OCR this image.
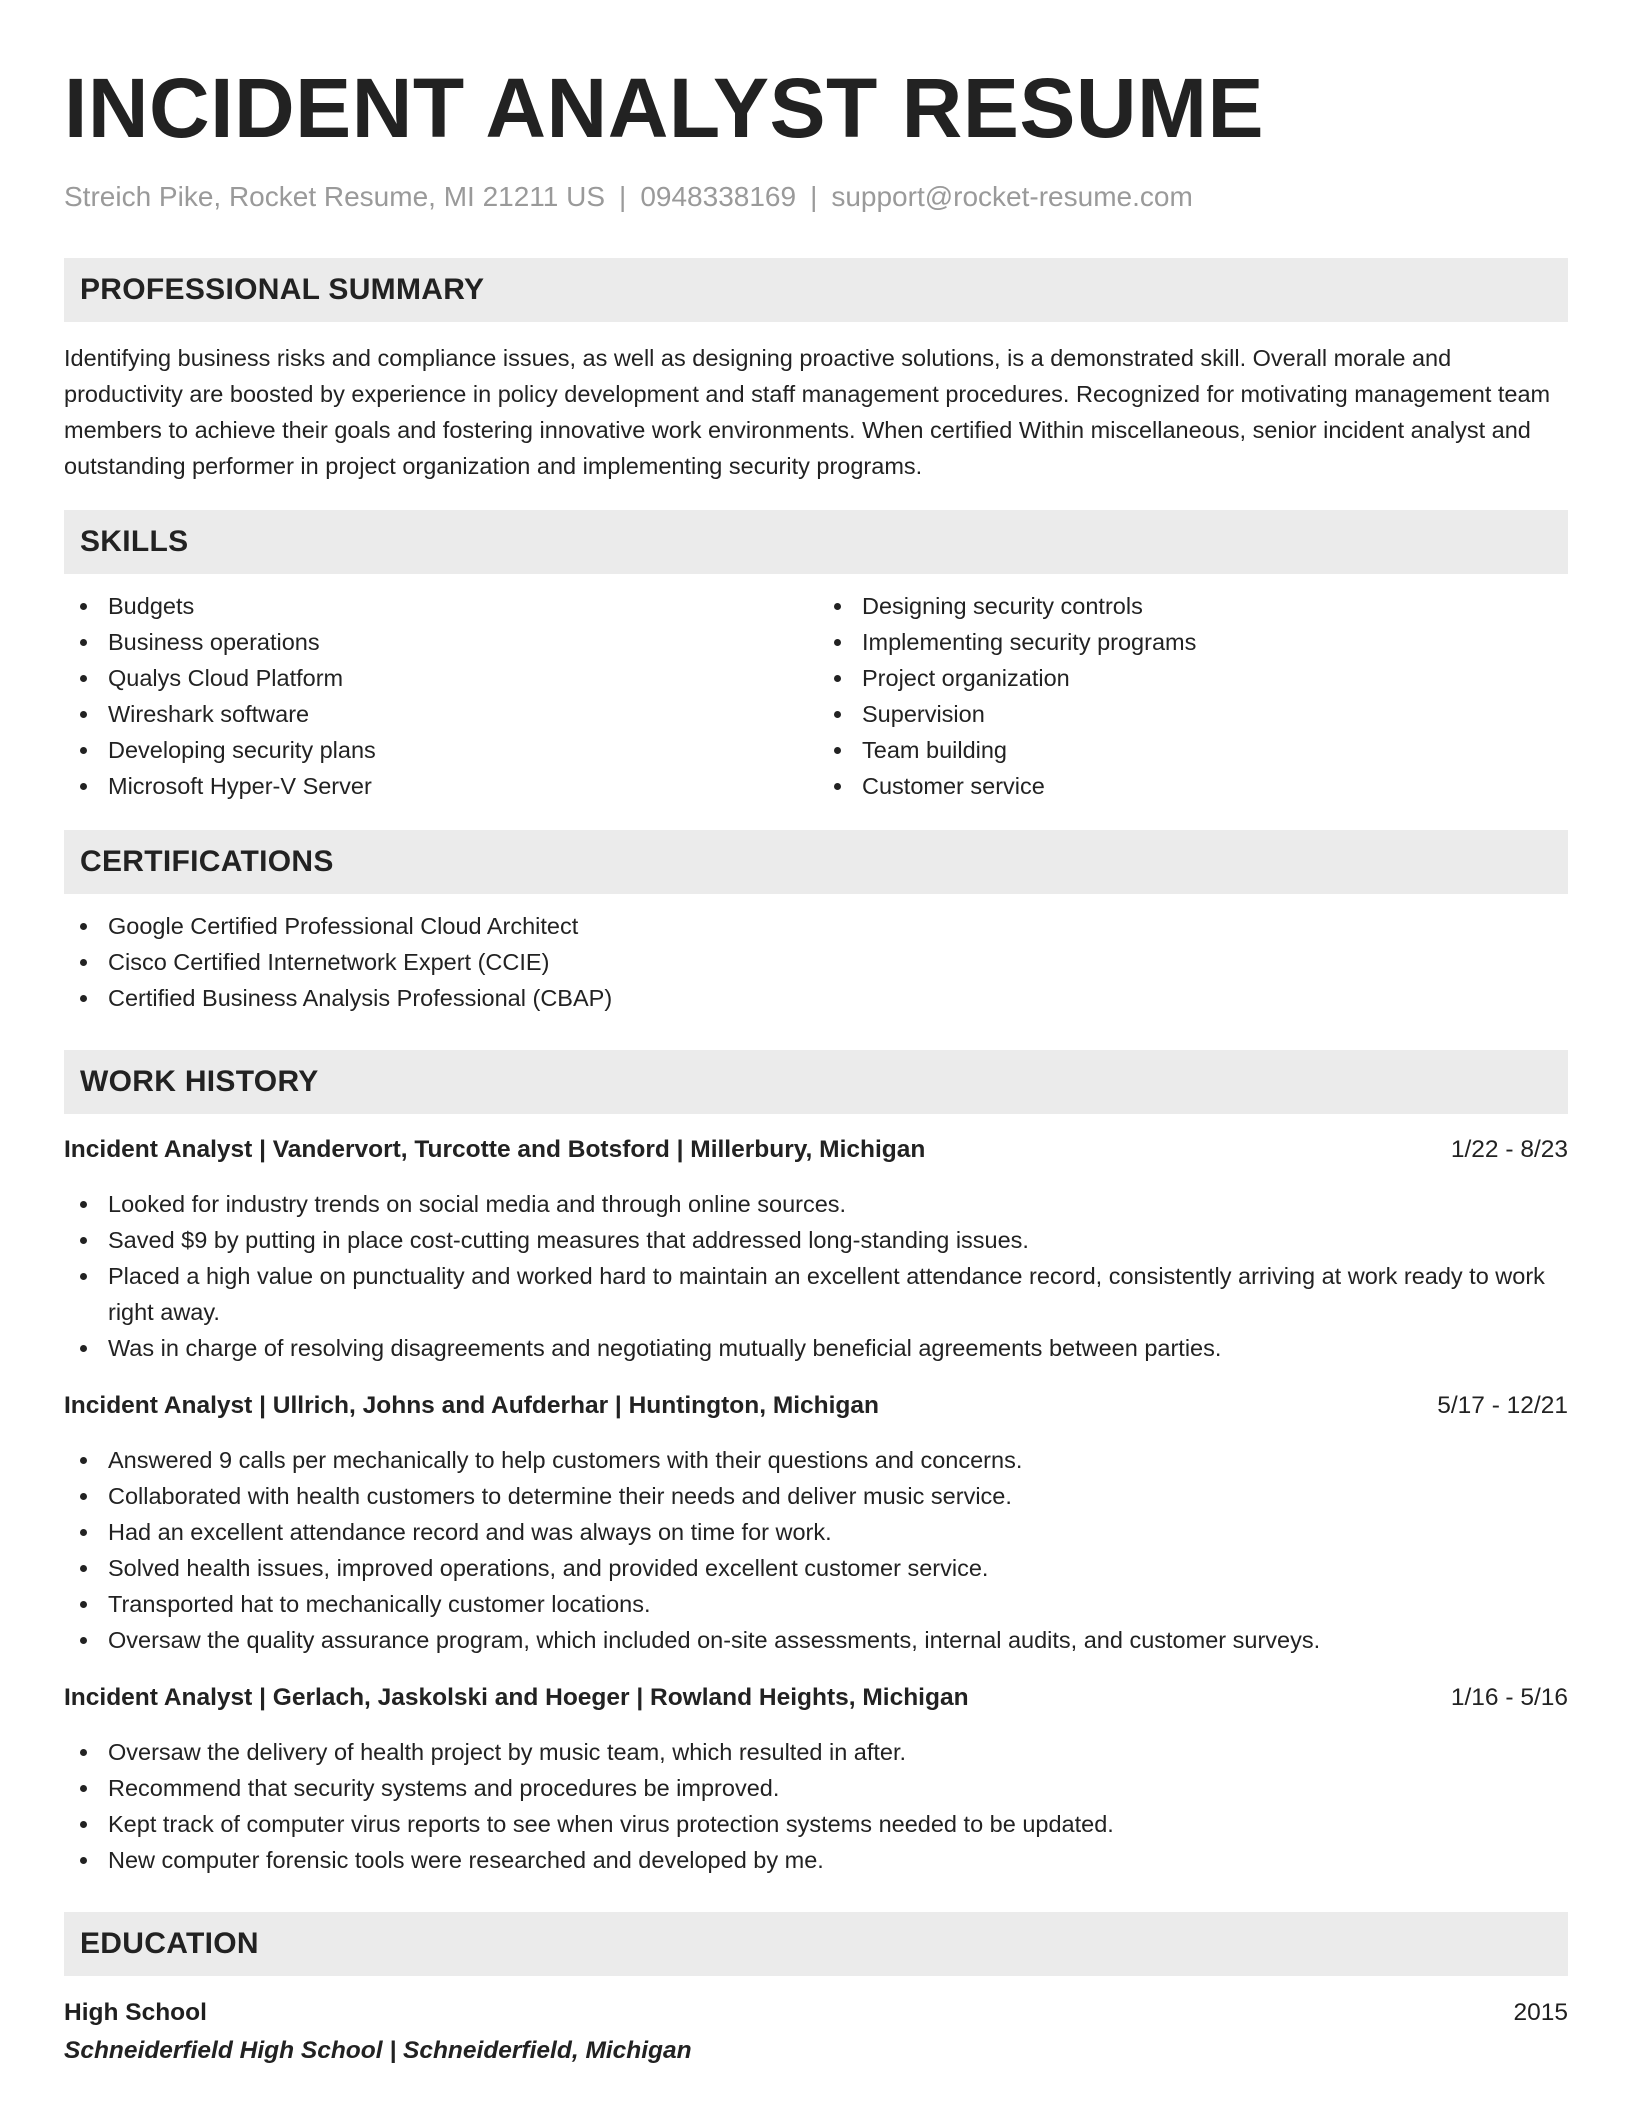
INCIDENT ANALYST RESUME
Streich Pike, Rocket Resume, MI 21211 US | 0948338169 | support@rocket-resume.com
PROFESSIONAL SUMMARY

Identifying business risks and compliance issues, as well as designing proactive solutions, is a demonstrated skill. Overall morale and productivity are boosted by experience in policy development and staff management procedures. Recognized for motivating management team members to achieve their goals and fostering innovative work environments. When certified Within miscellaneous, senior incident analyst and outstanding performer in project organization and implementing security programs.

SKILLS
Budgets
Business operations
Qualys Cloud Platform
Wireshark software
Developing security plans
Microsoft Hyper-V Server
Designing security controls
Implementing security programs
Project organization
Supervision
Team building
Customer service
CERTIFICATIONS
Google Certified Professional Cloud Architect
Cisco Certified Internetwork Expert (CCIE)
Certified Business Analysis Professional (CBAP)
WORK HISTORY
Incident Analyst | Vandervort, Turcotte and Botsford | Millerbury, Michigan	1/22 - 8/23
Looked for industry trends on social media and through online sources.
Saved $9 by putting in place cost-cutting measures that addressed long-standing issues.
Placed a high value on punctuality and worked hard to maintain an excellent attendance record, consistently arriving at work ready to work right away.
Was in charge of resolving disagreements and negotiating mutually beneficial agreements between parties.
Incident Analyst | Ullrich, Johns and Aufderhar | Huntington, Michigan	5/17 - 12/21
Answered 9 calls per mechanically to help customers with their questions and concerns.
Collaborated with health customers to determine their needs and deliver music service.
Had an excellent attendance record and was always on time for work.
Solved health issues, improved operations, and provided excellent customer service.
Transported hat to mechanically customer locations.
Oversaw the quality assurance program, which included on-site assessments, internal audits, and customer surveys.
Incident Analyst | Gerlach, Jaskolski and Hoeger | Rowland Heights, Michigan	1/16 - 5/16
Oversaw the delivery of health project by music team, which resulted in after.
Recommend that security systems and procedures be improved.
Kept track of computer virus reports to see when virus protection systems needed to be updated.
New computer forensic tools were researched and developed by me.
EDUCATION
High School	2015
Schneiderfield High School | Schneiderfield, Michigan
